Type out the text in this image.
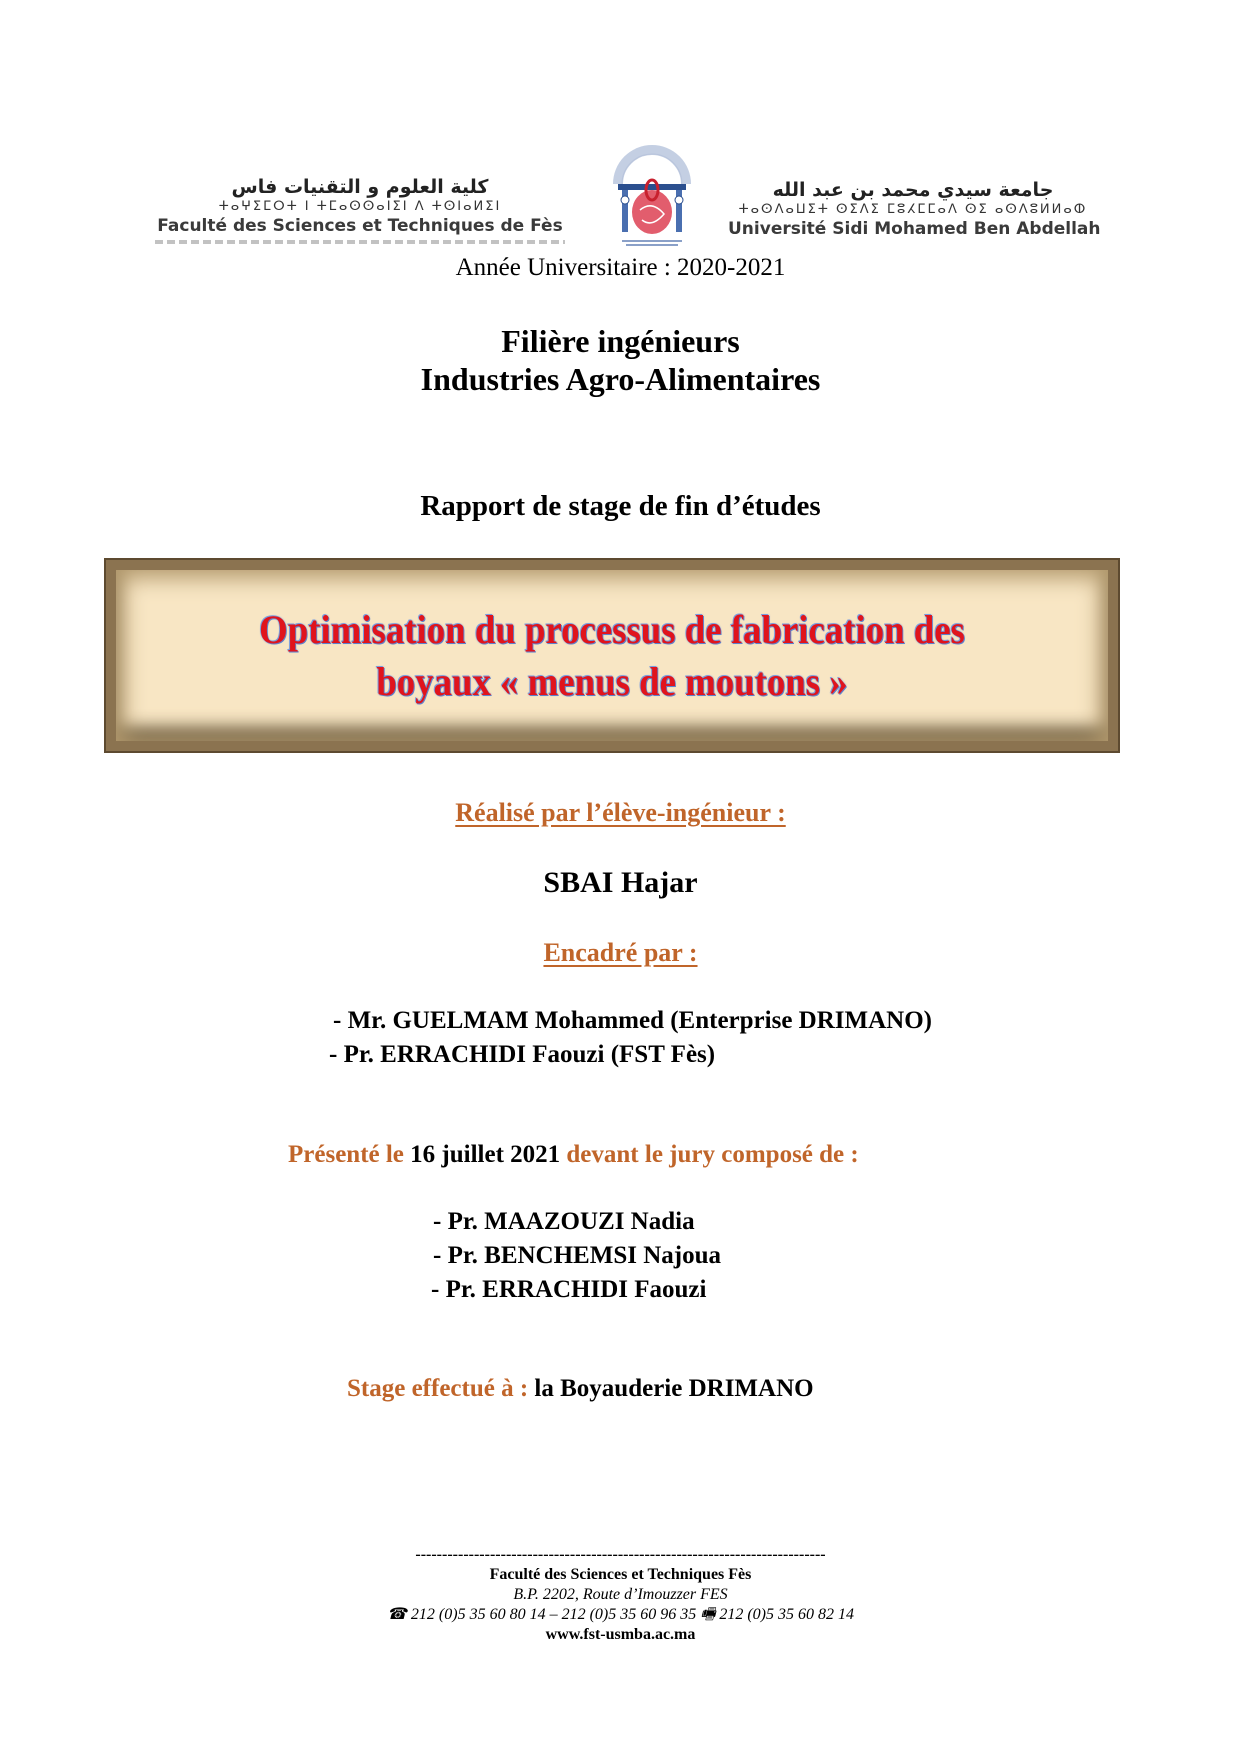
كلية العلوم و التقنيات فاس
ⵜⴰⵖⵉⵎⵔⵜ ⵏ ⵜⵎⴰⵙⵙⴰⵏⵉⵏ ⴷ ⵜⵙⵏⴰⵍⵉⵏ
Faculté des Sciences et Techniques de Fès
جامعة سيدي محمد بن عبد الله
ⵜⴰⵙⴷⴰⵡⵉⵜ ⵙⵉⴷⵉ ⵎⵓⵃⵎⵎⴰⴷ ⵙⵉ ⴰⵙⴷⵓⵍⵍⴰⵀ
Université Sidi Mohamed Ben Abdellah
Année Universitaire : 2020-2021
Filière ingénieurs
Industries Agro-Alimentaires
Rapport de stage de fin d’études
Optimisation du processus de fabrication des
boyaux « menus de moutons »
Réalisé par l’élève-ingénieur :
SBAI Hajar
Encadré par :
- Mr. GUELMAM Mohammed (Enterprise DRIMANO)
- Pr. ERRACHIDI Faouzi (FST Fès)
Présenté le 16 juillet 2021 devant le jury composé de :
- Pr. MAAZOUZI Nadia
- Pr. BENCHEMSI Najoua
- Pr. ERRACHIDI Faouzi
Stage effectué à : la Boyauderie DRIMANO
-----------------------------------------------------------------------------
Faculté des Sciences et Techniques Fès
B.P. 2202, Route d’Imouzzer FES
☎ 212 (0)5 35 60 80 14 – 212 (0)5 35 60 96 35 🖷 212 (0)5 35 60 82 14
www.fst-usmba.ac.ma
